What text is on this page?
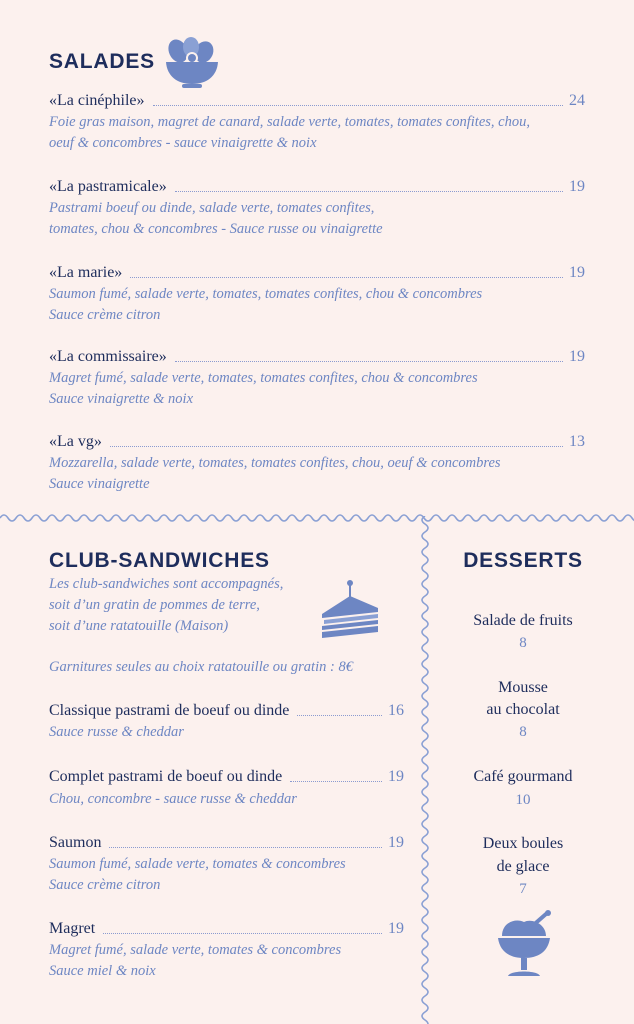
SALADES
«La cinéphile»	24
Foie gras maison, magret de canard, salade verte, tomates, tomates confites, chou,
oeuf & concombres - sauce vinaigrette & noix
«La pastramicale»	19
Pastrami boeuf ou dinde, salade verte, tomates confites,
tomates, chou & concombres - Sauce russe ou vinaigrette
«La marie»	19
Saumon fumé, salade verte, tomates, tomates confites, chou & concombres
Sauce crème citron
«La commissaire»	19
Magret fumé, salade verte, tomates, tomates confites, chou & concombres
Sauce vinaigrette & noix
«La vg»	13
Mozzarella, salade verte, tomates, tomates confites, chou, oeuf & concombres
Sauce vinaigrette
CLUB-SANDWICHES
Les club-sandwiches sont accompagnés,
soit d’un gratin de pommes de terre,
soit d’une ratatouille (Maison)
Garnitures seules au choix ratatouille ou gratin : 8€
Classique pastrami de boeuf ou dinde	16
Sauce russe & cheddar
Complet pastrami de boeuf ou dinde	19
Chou, concombre - sauce russe & cheddar
Saumon	19
Saumon fumé, salade verte, tomates & concombres
Sauce crème citron
Magret	19
Magret fumé, salade verte, tomates & concombres
Sauce miel & noix
DESSERTS
Salade de fruits
8
Mousse
au chocolat
8
Café gourmand
10
Deux boules
de glace
7
